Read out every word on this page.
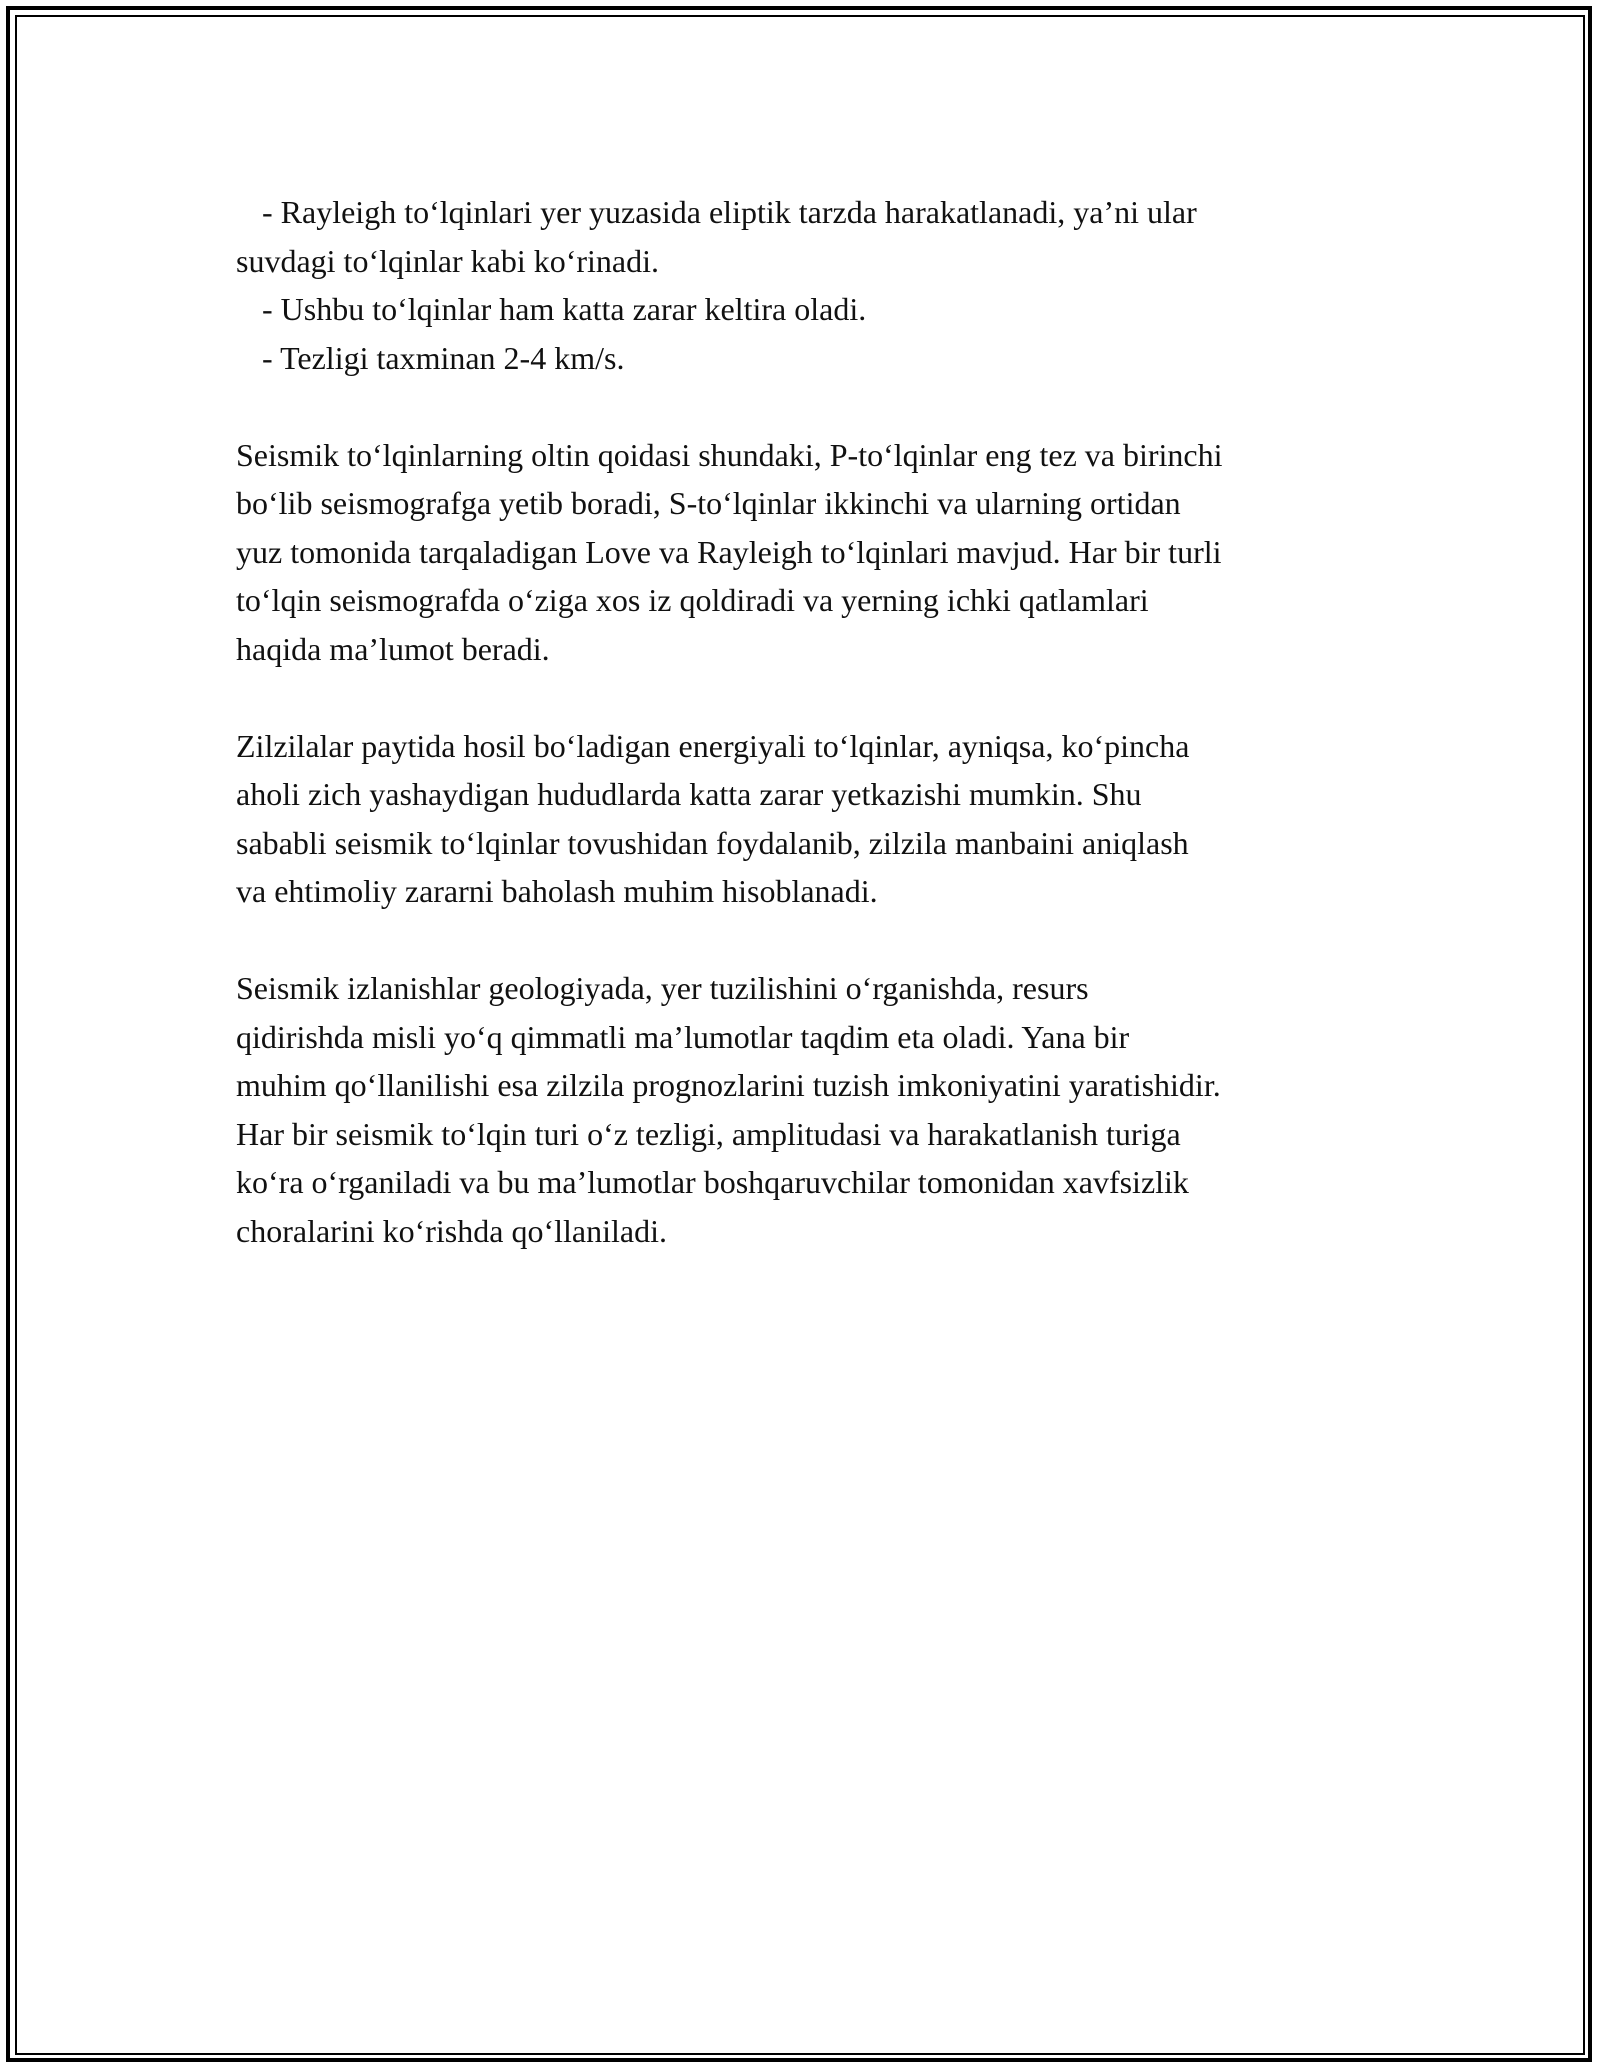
- Rayleigh to‘lqinlari yer yuzasida eliptik tarzda harakatlanadi, ya’ni ular
suvdagi to‘lqinlar kabi ko‘rinadi.
- Ushbu to‘lqinlar ham katta zarar keltira oladi.
- Tezligi taxminan 2-4 km/s.
Seismik to‘lqinlarning oltin qoidasi shundaki, P-to‘lqinlar eng tez va birinchi
bo‘lib seismografga yetib boradi, S-to‘lqinlar ikkinchi va ularning ortidan
yuz tomonida tarqaladigan Love va Rayleigh to‘lqinlari mavjud. Har bir turli
to‘lqin seismografda o‘ziga xos iz qoldiradi va yerning ichki qatlamlari
haqida ma’lumot beradi.
Zilzilalar paytida hosil bo‘ladigan energiyali to‘lqinlar, ayniqsa, ko‘pincha
aholi zich yashaydigan hududlarda katta zarar yetkazishi mumkin. Shu
sababli seismik to‘lqinlar tovushidan foydalanib, zilzila manbaini aniqlash
va ehtimoliy zararni baholash muhim hisoblanadi.
Seismik izlanishlar geologiyada, yer tuzilishini o‘rganishda, resurs
qidirishda misli yo‘q qimmatli ma’lumotlar taqdim eta oladi. Yana bir
muhim qo‘llanilishi esa zilzila prognozlarini tuzish imkoniyatini yaratishidir.
Har bir seismik to‘lqin turi o‘z tezligi, amplitudasi va harakatlanish turiga
ko‘ra o‘rganiladi va bu ma’lumotlar boshqaruvchilar tomonidan xavfsizlik
choralarini ko‘rishda qo‘llaniladi.
